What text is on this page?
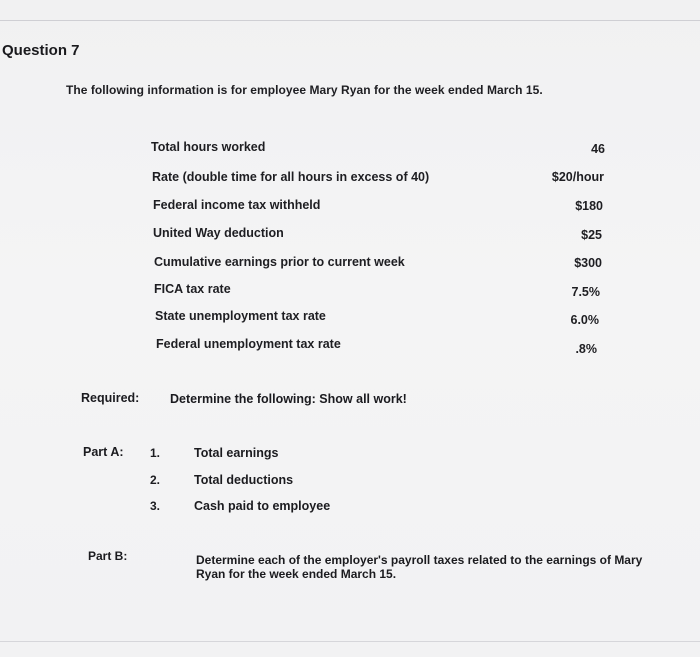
Question 7
The following information is for employee Mary Ryan for the week ended March 15.
Total hours worked	46
Rate (double time for all hours in excess of 40)	$20/hour
Federal income tax withheld	$180
United Way deduction	$25
Cumulative earnings prior to current week	$300
FICA tax rate	7.5%
State unemployment tax rate	6.0%
Federal unemployment tax rate	.8%
Required: Determine the following: Show all work!
Part A: 1.	Total earnings
2.	Total deductions
3.	Cash paid to employee
Part B:	Determine each of the employer's payroll taxes related to the earnings of Mary Ryan for the week ended March 15.
